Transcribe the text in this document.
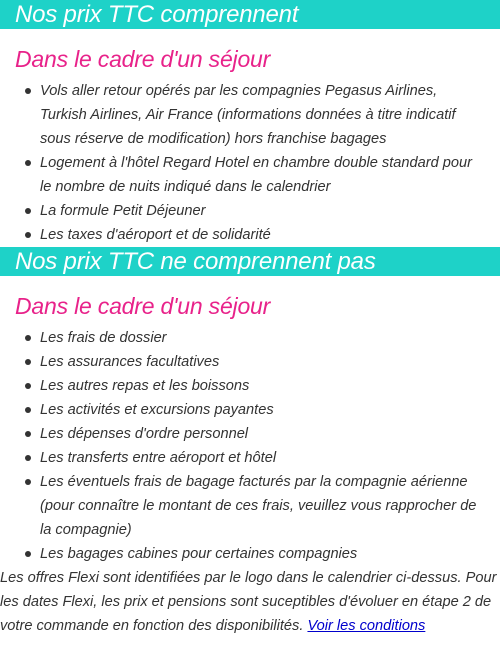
Nos prix TTC comprennent
Dans le cadre d'un séjour
Vols aller retour opérés par les compagnies Pegasus Airlines, Turkish Airlines, Air France (informations données à titre indicatif sous réserve de modification) hors franchise bagages
Logement à l'hôtel Regard Hotel en chambre double standard pour le nombre de nuits indiqué dans le calendrier
La formule Petit Déjeuner
Les taxes d'aéroport et de solidarité
Nos prix TTC ne comprennent pas
Dans le cadre d'un séjour
Les frais de dossier
Les assurances facultatives
Les autres repas et les boissons
Les activités et excursions payantes
Les dépenses d'ordre personnel
Les transferts entre aéroport et hôtel
Les éventuels frais de bagage facturés par la compagnie aérienne (pour connaître le montant de ces frais, veuillez vous rapprocher de la compagnie)
Les bagages cabines pour certaines compagnies

Les offres Flexi sont identifiées par le logo dans le calendrier ci-dessus. Pour les dates Flexi, les prix et pensions sont suceptibles d'évoluer en étape 2 de votre commande en fonction des disponibilités. Voir les conditions
